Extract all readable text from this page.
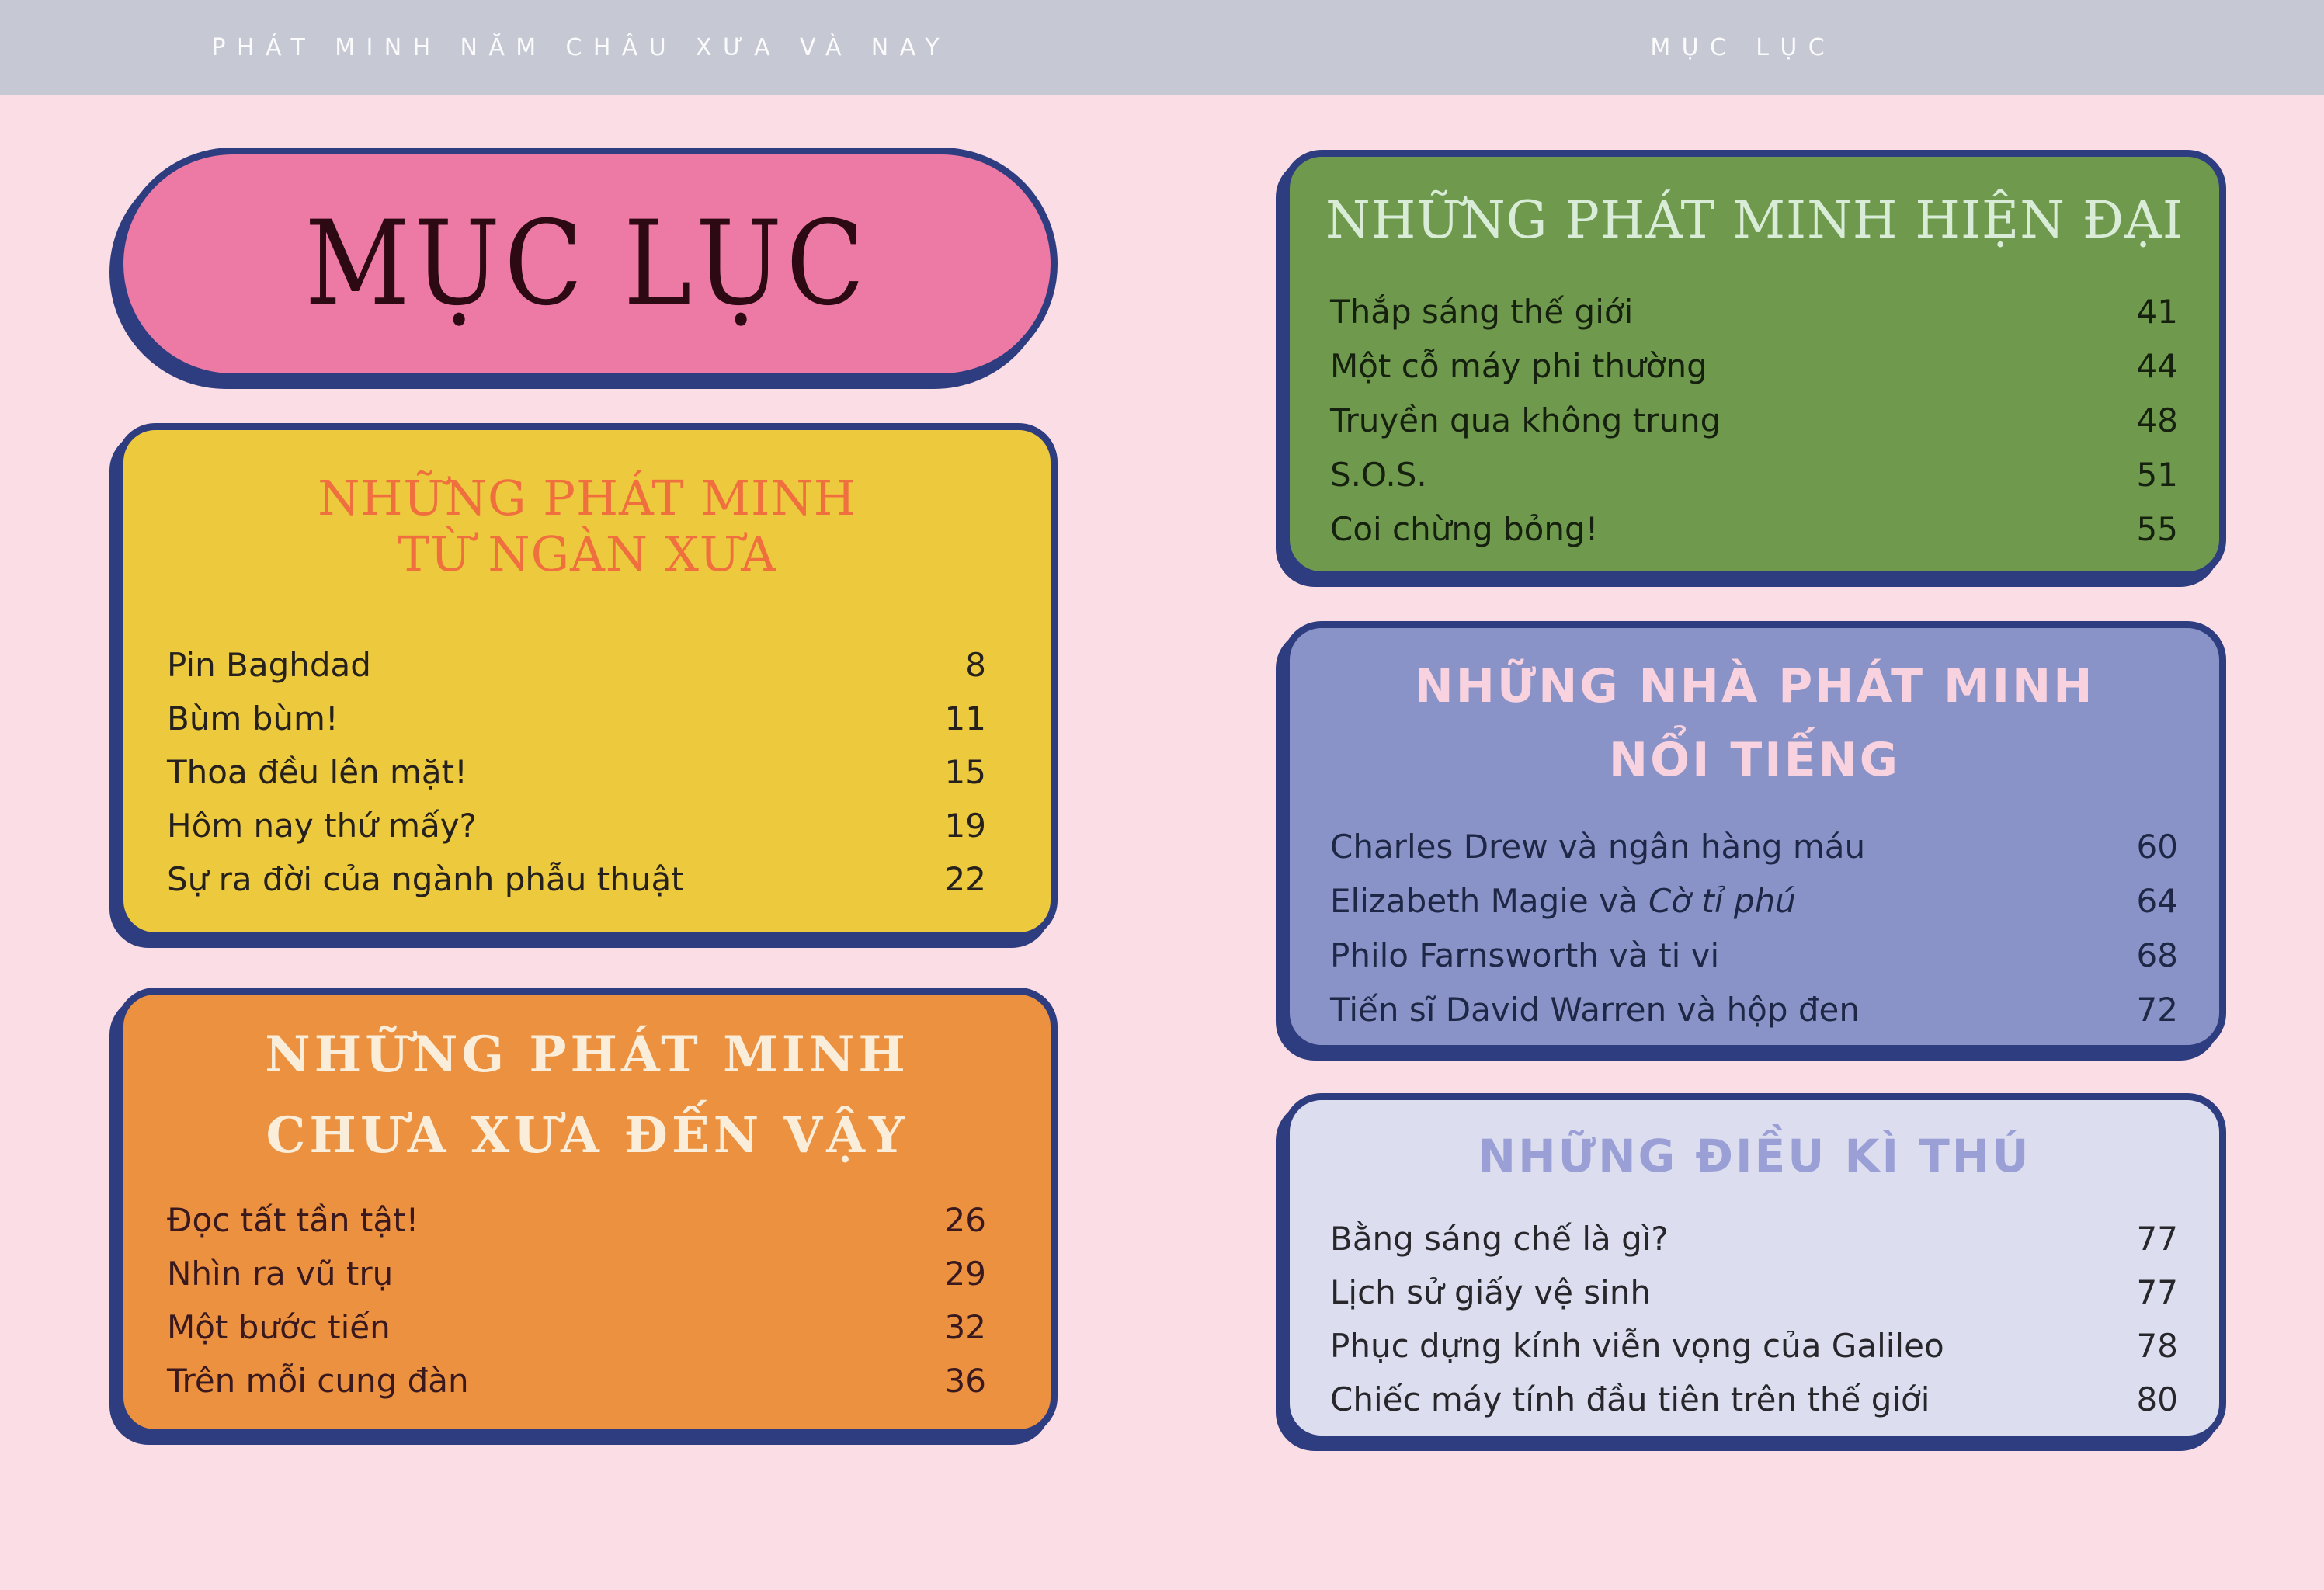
PHÁT MINH NĂM CHÂU XƯA VÀ NAY	MỤC LỤC
MỤC LỤC
NHỮNG PHÁT MINH
TỪ NGÀN XƯA
Pin Baghdad	8
Bùm bùm!	11
Thoa đều lên mặt!	15
Hôm nay thứ mấy?	19
Sự ra đời của ngành phẫu thuật	22
NHỮNG PHÁT MINH
CHƯA XƯA ĐẾN VẬY
Đọc tất tần tật!	26
Nhìn ra vũ trụ	29
Một bước tiến	32
Trên mỗi cung đàn	36
NHỮNG PHÁT MINH HIỆN ĐẠI
Thắp sáng thế giới	41
Một cỗ máy phi thường	44
Truyền qua không trung	48
S.O.S.	51
Coi chừng bỏng!	55
NHỮNG NHÀ PHÁT MINH
NỔI TIẾNG
Charles Drew và ngân hàng máu	60
Elizabeth Magie và Cờ tỉ phú	64
Philo Farnsworth và ti vi	68
Tiến sĩ David Warren và hộp đen	72
NHỮNG ĐIỀU KÌ THÚ
Bằng sáng chế là gì?	77
Lịch sử giấy vệ sinh	77
Phục dựng kính viễn vọng của Galileo	78
Chiếc máy tính đầu tiên trên thế giới	80
